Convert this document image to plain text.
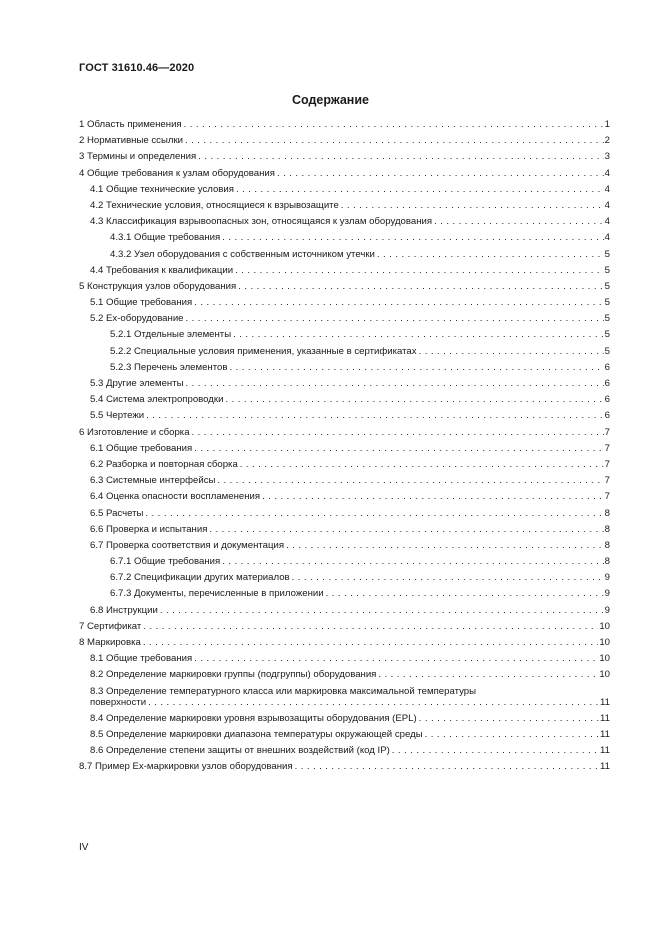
ГОСТ 31610.46—2020
Содержание
1 Область применения . . .	1
2 Нормативные ссылки . . .	2
3 Термины и определения . . .	3
4 Общие требования к узлам оборудования . . .	4
4.1 Общие технические условия . . .	4
4.2 Технические условия, относящиеся к взрывозащите . . .	4
4.3 Классификация взрывоопасных зон, относящаяся к узлам оборудования . . .	4
4.3.1 Общие требования . . .	4
4.3.2 Узел оборудования с собственным источником утечки . . .	5
4.4 Требования к квалификации . . .	5
5 Конструкция узлов оборудования . . .	5
5.1 Общие требования . . .	5
5.2 Ex-оборудование . . .	5
5.2.1 Отдельные элементы . . .	5
5.2.2 Специальные условия применения, указанные в сертификатах . . .	5
5.2.3 Перечень элементов . . .	6
5.3 Другие элементы . . .	6
5.4 Система электропроводки . . .	6
5.5 Чертежи . . .	6
6 Изготовление и сборка . . .	7
6.1 Общие требования . . .	7
6.2 Разборка и повторная сборка . . .	7
6.3 Системные интерфейсы . . .	7
6.4 Оценка опасности воспламенения . . .	7
6.5 Расчеты . . .	8
6.6 Проверка и испытания . . .	8
6.7 Проверка соответствия и документация . . .	8
6.7.1 Общие требования . . .	8
6.7.2 Спецификации других материалов . . .	9
6.7.3 Документы, перечисленные в приложении . . .	9
6.8 Инструкции . . .	9
7 Сертификат . . .	10
8 Маркировка . . .	10
8.1 Общие требования . . .	10
8.2 Определение маркировки группы (подгруппы) оборудования . . .	10
8.3 Определение температурного класса или маркировка максимальной температуры
поверхности . . .	11
8.4 Определение маркировки уровня взрывозащиты оборудования (EPL) . . .	11
8.5 Определение маркировки диапазона температуры окружающей среды . . .	11
8.6 Определение степени защиты от внешних воздействий (код IP) . . .	11
8.7 Пример Ex-маркировки узлов оборудования . . .	11
IV
